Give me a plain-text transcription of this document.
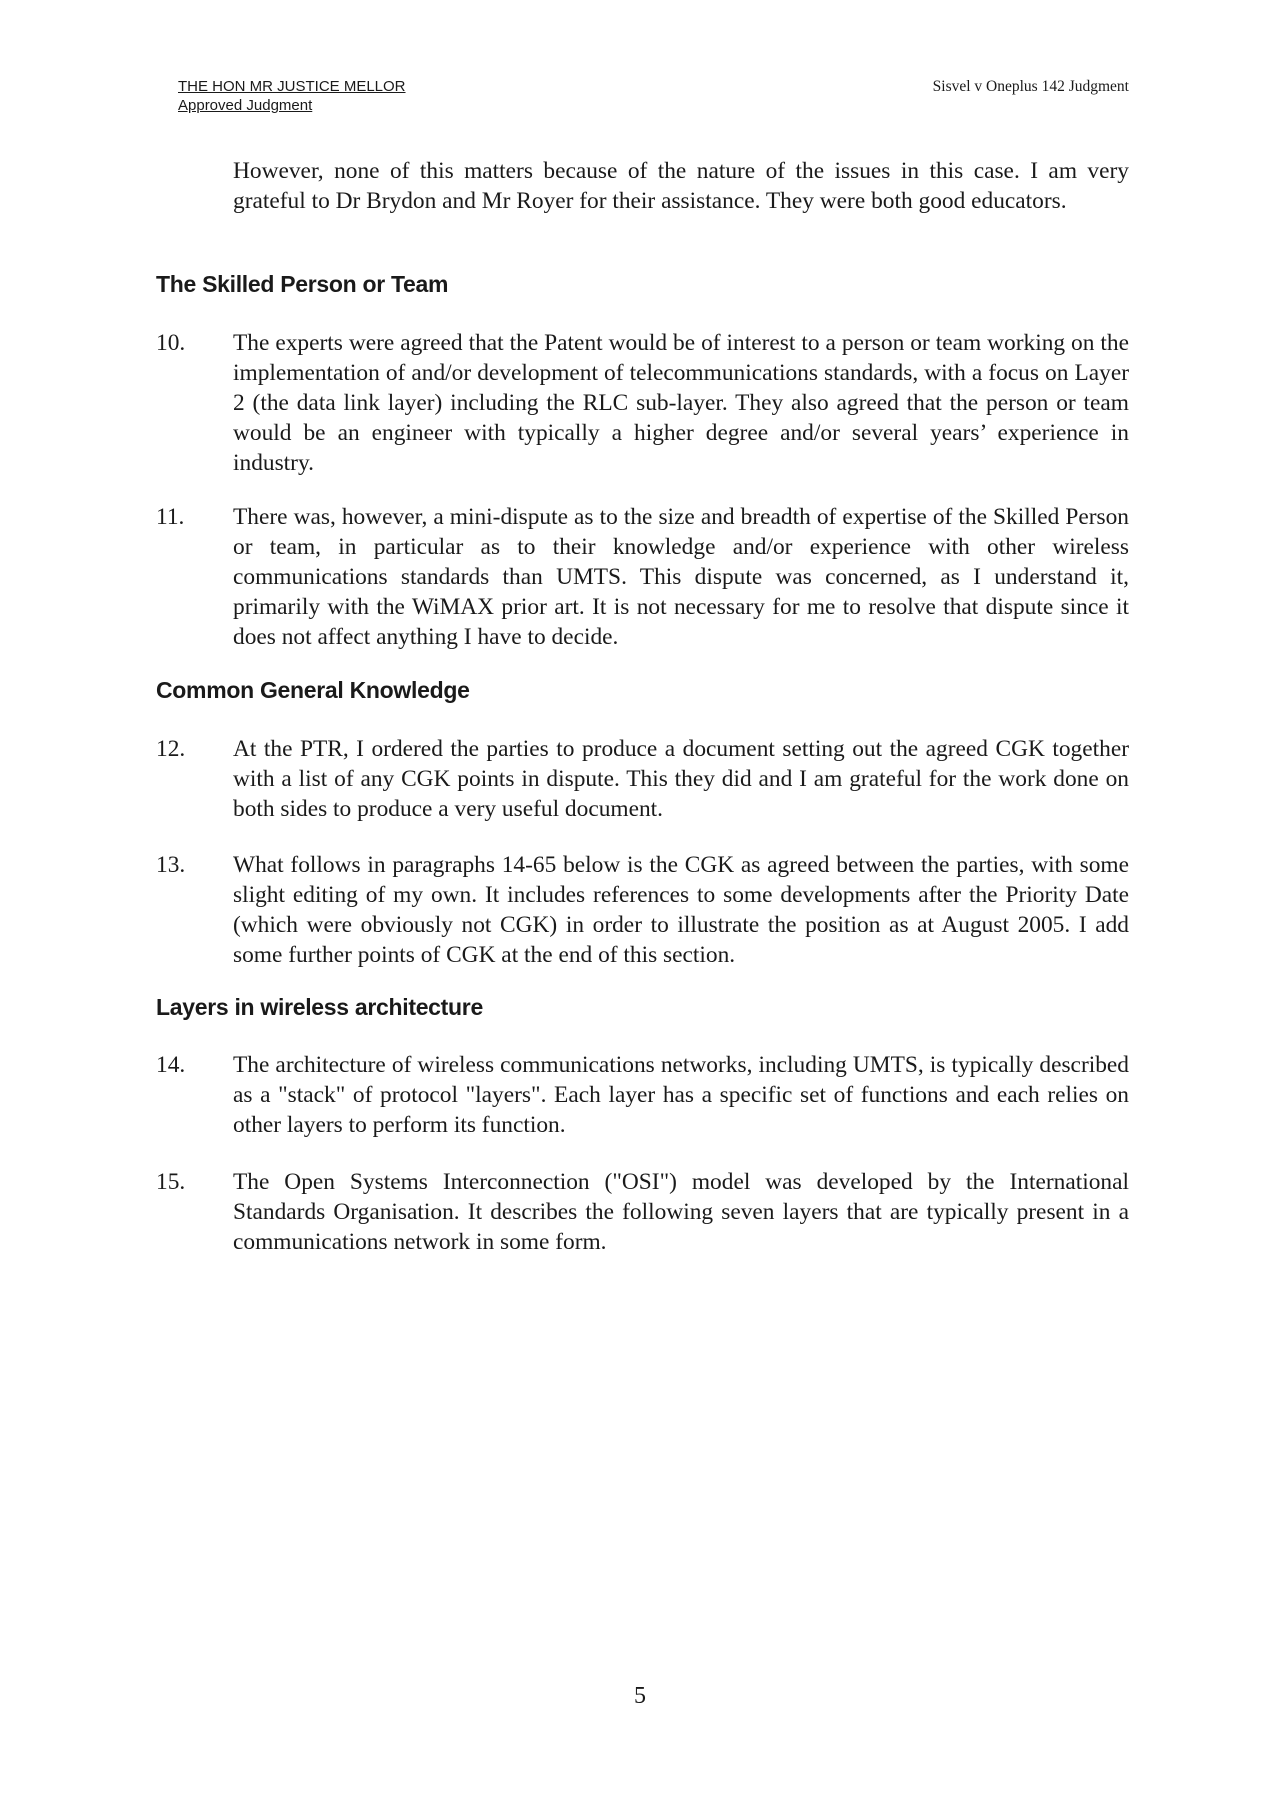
THE HON MR JUSTICE MELLOR
Approved Judgment
Sisvel v Oneplus 142 Judgment
However, none of this matters because of the nature of the issues in this case. I am very grateful to Dr Brydon and Mr Royer for their assistance. They were both good educators.
The Skilled Person or Team
10. The experts were agreed that the Patent would be of interest to a person or team working on the implementation of and/or development of telecommunications standards, with a focus on Layer 2 (the data link layer) including the RLC sub-layer. They also agreed that the person or team would be an engineer with typically a higher degree and/or several years’ experience in industry.
11. There was, however, a mini-dispute as to the size and breadth of expertise of the Skilled Person or team, in particular as to their knowledge and/or experience with other wireless communications standards than UMTS. This dispute was concerned, as I understand it, primarily with the WiMAX prior art. It is not necessary for me to resolve that dispute since it does not affect anything I have to decide.
Common General Knowledge
12. At the PTR, I ordered the parties to produce a document setting out the agreed CGK together with a list of any CGK points in dispute. This they did and I am grateful for the work done on both sides to produce a very useful document.
13. What follows in paragraphs 14-65 below is the CGK as agreed between the parties, with some slight editing of my own. It includes references to some developments after the Priority Date (which were obviously not CGK) in order to illustrate the position as at August 2005. I add some further points of CGK at the end of this section.
Layers in wireless architecture
14. The architecture of wireless communications networks, including UMTS, is typically described as a "stack" of protocol "layers". Each layer has a specific set of functions and each relies on other layers to perform its function.
15. The Open Systems Interconnection ("OSI") model was developed by the International Standards Organisation. It describes the following seven layers that are typically present in a communications network in some form.
5
